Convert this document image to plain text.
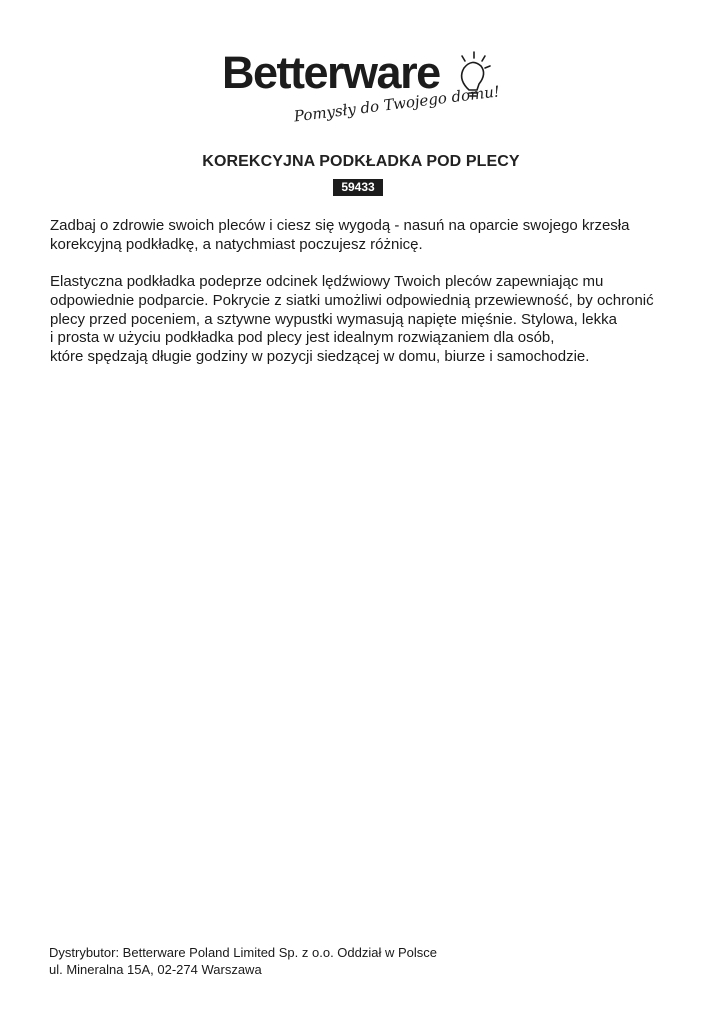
Betterware
Pomysły do Twojego domu!
KOREKCYJNA PODKŁADKA POD PLECY
59433

Zadbaj o zdrowie swoich pleców i ciesz się wygodą - nasuń na oparcie swojego krzesła
korekcyjną podkładkę, a natychmiast poczujesz różnicę.

Elastyczna podkładka podeprze odcinek lędźwiowy Twoich pleców zapewniając mu
odpowiednie podparcie. Pokrycie z siatki umożliwi odpowiednią przewiewność, by ochronić
plecy przed poceniem, a sztywne wypustki wymasują napięte mięśnie. Stylowa, lekka
i prosta w użyciu podkładka pod plecy jest idealnym rozwiązaniem dla osób,
które spędzają długie godziny w pozycji siedzącej w domu, biurze i samochodzie.

Dystrybutor: Betterware Poland Limited Sp. z o.o. Oddział w Polsce
ul. Mineralna 15A, 02-274 Warszawa
